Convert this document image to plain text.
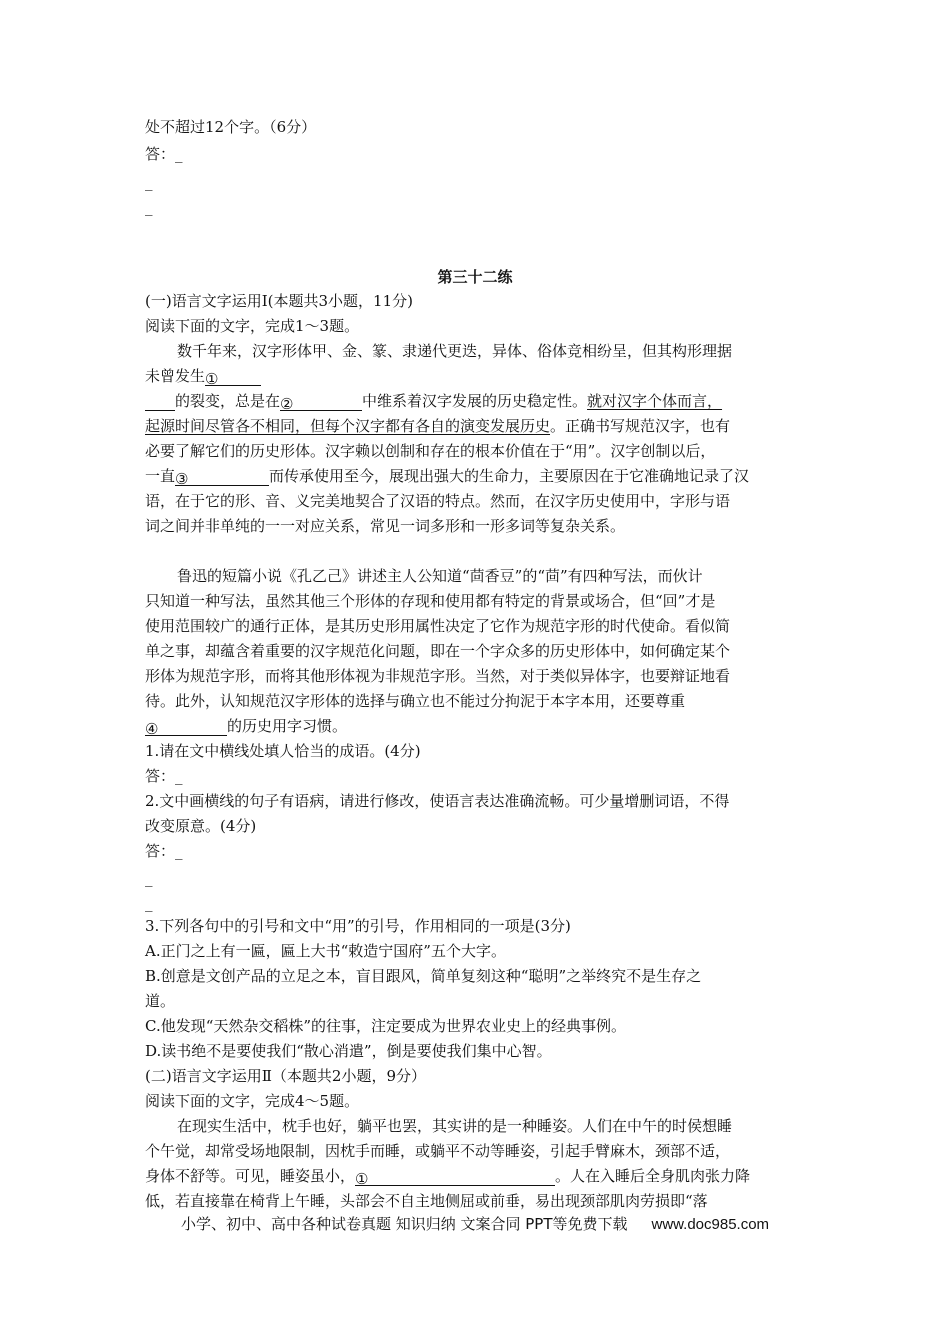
处不超过12个字。（6分）
答：_
_
_
第三十二练
(一)语言文字运用Ⅰ(本题共3小题，11分)
阅读下面的文字，完成1～3题。
数千年来，汉字形体甲、金、篆、隶递代更迭，异体、俗体竞相纷呈，但其构形理据
未曾发生①
的裂变，总是在②	中维系着汉字发展的历史稳定性。就对汉字个体而言，
起源时间尽管各不相同，但每个汉字都有各自的演变发展历史。正确书写规范汉字，也有
必要了解它们的历史形体。汉字赖以创制和存在的根本价值在于“用”。汉字创制以后，
一直③	而传承使用至今，展现出强大的生命力，主要原因在于它准确地记录了汉
语，在于它的形、音、义完美地契合了汉语的特点。然而，在汉字历史使用中，字形与语
词之间并非单纯的一一对应关系，常见一词多形和一形多词等复杂关系。
鲁迅的短篇小说《孔乙己》讲述主人公知道“茴香豆”的“茴”有四种写法，而伙计
只知道一种写法，虽然其他三个形体的存现和使用都有特定的背景或场合，但“回”才是
使用范围较广的通行正体，是其历史形用属性决定了它作为规范字形的时代使命。看似简
单之事，却蕴含着重要的汉字规范化问题，即在一个字众多的历史形体中，如何确定某个
形体为规范字形，而将其他形体视为非规范字形。当然，对于类似异体字，也要辩证地看
待。此外，认知规范汉字形体的选择与确立也不能过分拘泥于本字本用，还要尊重
④	的历史用字习惯。
1.请在文中横线处填人恰当的成语。(4分)
答：_
2.文中画横线的句子有语病，请进行修改，使语言表达准确流畅。可少量增删词语，不得
改变原意。(4分)
答：_
_
_
3.下列各句中的引号和文中“用”的引号，作用相同的一项是(3分)
A.正门之上有一匾，匾上大书“敕造宁国府”五个大字。
B.创意是文创产品的立足之本，盲目跟风，简单复刻这种“聪明”之举终究不是生存之
道。
C.他发现“天然杂交稻株”的往事，注定要成为世界农业史上的经典事例。
D.读书绝不是要使我们“散心消遣”，倒是要使我们集中心智。
(二)语言文字运用Ⅱ（本题共2小题，9分）
阅读下面的文字，完成4～5题。
在现实生活中，枕手也好，躺平也罢，其实讲的是一种睡姿。人们在中午的时侯想睡
个午觉，却常受场地限制，因枕手而睡，或躺平不动等睡姿，引起手臂麻木，颈部不适，
身体不舒等。可见，睡姿虽小，①	。人在入睡后全身肌肉张力降
低，若直接靠在椅背上午睡，头部会不自主地侧屈或前垂，易出现颈部肌肉劳损即“落
小学、初中、高中各种试卷真题 知识归纳 文案合同 PPT等免费下载 www.doc985.com
